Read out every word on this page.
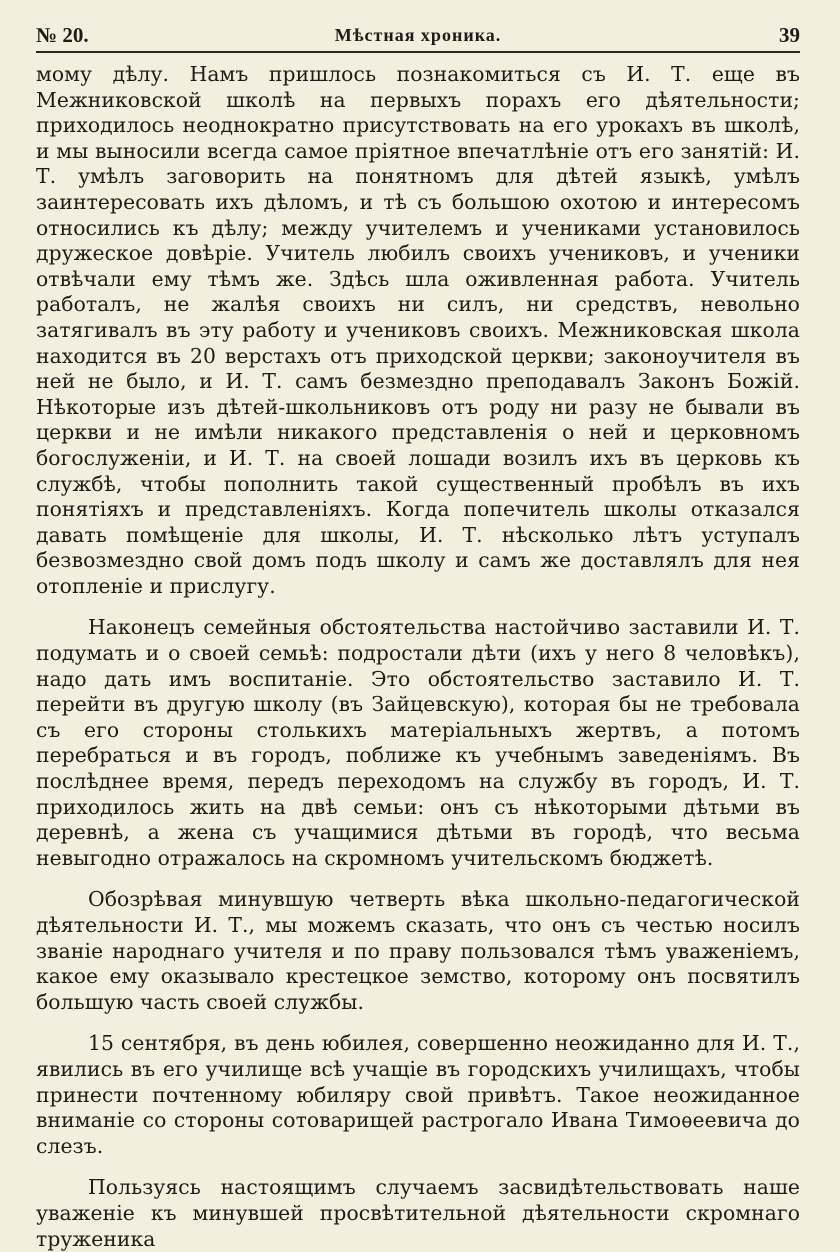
№ 20.	Мѣстная хроника.	39

мому дѣлу. Намъ пришлось познакомиться съ И. Т. еще въ Межниковской школѣ на первыхъ порахъ его дѣятельности; приходилось неоднократно присутствовать на его урокахъ въ школѣ, и мы выносили всегда самое пріятное впечатлѣніе отъ его занятій: И. Т. умѣлъ заговорить на понятномъ для дѣтей языкѣ, умѣлъ заинтересовать ихъ дѣломъ, и тѣ съ большою охотою и интересомъ относились къ дѣлу; между учителемъ и учениками установилось дружеское довѣріе. Учитель любилъ своихъ учениковъ, и ученики отвѣчали ему тѣмъ же. Здѣсь шла оживленная работа. Учитель работалъ, не жалѣя своихъ ни силъ, ни средствъ, невольно затягивалъ въ эту работу и учениковъ своихъ. Межниковская школа находится въ 20 верстахъ отъ приходской церкви; законоучителя въ ней не было, и И. Т. самъ безмездно преподавалъ Законъ Божій. Нѣкоторые изъ дѣтей-школьниковъ отъ роду ни разу не бывали въ церкви и не имѣли никакого представленія о ней и церковномъ богослуженіи, и И. Т. на своей лошади возилъ ихъ въ церковь къ службѣ, чтобы пополнить такой существенный пробѣлъ въ ихъ понятіяхъ и представленіяхъ. Когда попечитель школы отказался давать помѣщеніе для школы, И. Т. нѣсколько лѣтъ уступалъ безвозмездно свой домъ подъ школу и самъ же доставлялъ для нея отопленіе и прислугу.

Наконецъ семейныя обстоятельства настойчиво заставили И. Т. подумать и о своей семьѣ: подростали дѣти (ихъ у него 8 человѣкъ), надо дать имъ воспитаніе. Это обстоятельство заставило И. Т. перейти въ другую школу (въ Зайцевскую), которая бы не требовала съ его стороны столькихъ матеріальныхъ жертвъ, а потомъ перебраться и въ городъ, поближе къ учебнымъ заведеніямъ. Въ послѣднее время, передъ переходомъ на службу въ городъ, И. Т. приходилось жить на двѣ семьи: онъ съ нѣкоторыми дѣтьми въ деревнѣ, а жена съ учащимися дѣтьми въ городѣ, что весьма невыгодно отражалось на скромномъ учительскомъ бюджетѣ.

Обозрѣвая минувшую четверть вѣка школьно-педагогической дѣятельности И. Т., мы можемъ сказать, что онъ съ честью носилъ званіе народнаго учителя и по праву пользовался тѣмъ уваженіемъ, какое ему оказывало крестецкое земство, которому онъ посвятилъ большую часть своей службы.

15 сентября, въ день юбилея, совершенно неожиданно для И. Т., явились въ его училище всѣ учащіе въ городскихъ училищахъ, чтобы принести почтенному юбиляру свой привѣтъ. Такое неожиданное вниманіе со стороны сотоварищей растрогало Ивана Тимоѳеевича до слезъ.

Пользуясь настоящимъ случаемъ засвидѣтельствовать наше уваженіе къ минувшей просвѣтительной дѣятельности скромнаго труженика
